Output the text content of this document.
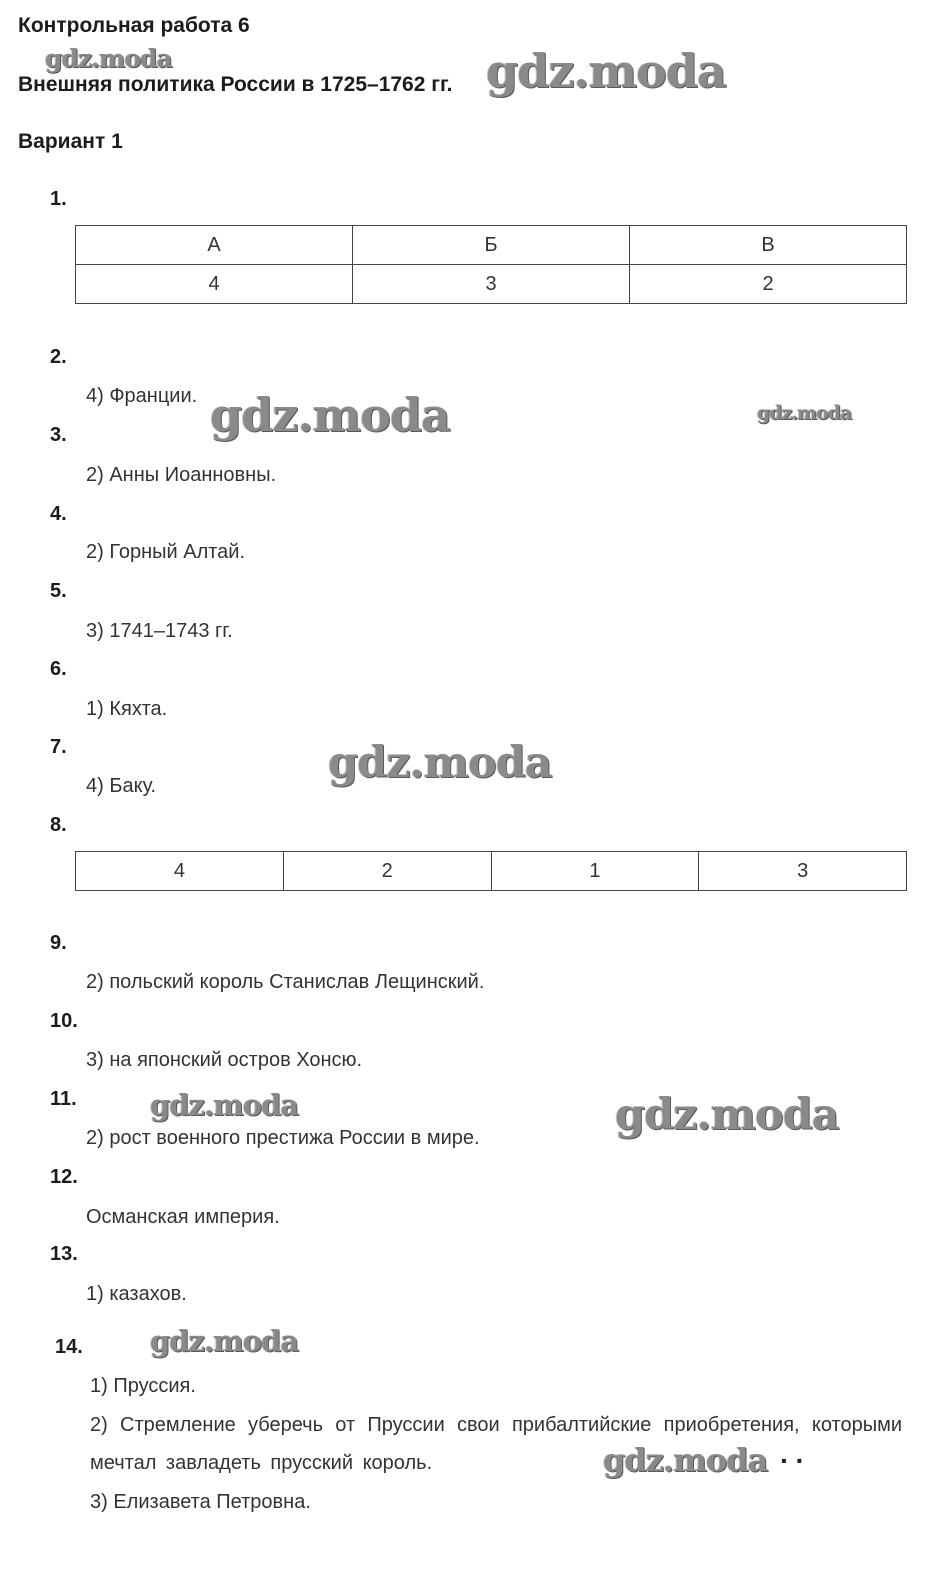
Контрольная работа 6
Внешняя политика России в 1725–1762 гг.
Вариант 1
gdz.moda	gdz.moda
gdz.moda	gdz.moda
gdz.moda
gdz.moda	gdz.moda
gdz.moda
gdz.moda
1.
А	Б	В
4	3	2
2.
4) Франции.
3.
2) Анны Иоанновны.
4.
2) Горный Алтай.
5.
3) 1741–1743 гг.
6.
1) Кяхта.
7.
4) Баку.
8.
4	2	1	3
9.
2) польский король Станислав Лещинский.
10.
3) на японский остров Хонсю.
11.
2) рост военного престижа России в мире.
12.
Османская империя.
13.
1) казахов.
14.
1) Пруссия.
2) Стремление уберечь от Пруссии свои прибалтийские приобретения, которыми мечтал завладеть прусский король.	. .
3) Елизавета Петровна.
